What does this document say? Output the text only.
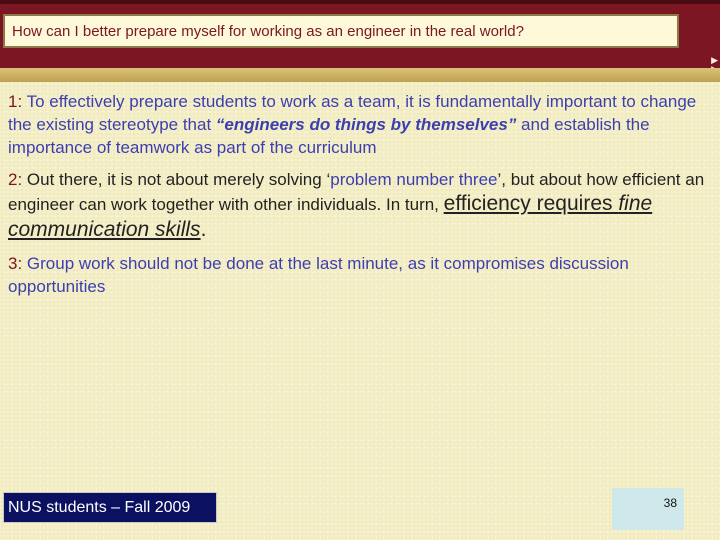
How can I better prepare myself for working as an engineer in the real world?
▶

1: To effectively prepare students to work as a team, it is fundamentally important to change the existing stereotype that “engineers do things by themselves” and establish the importance of teamwork as part of the curriculum

2: Out there, it is not about merely solving ‘problem number three’, but about how efficient an engineer can work together with other individuals. In turn, efficiency requires fine communication skills.

3: Group work should not be done at the last minute, as it compromises discussion opportunities

NUS students – Fall 2009	38
